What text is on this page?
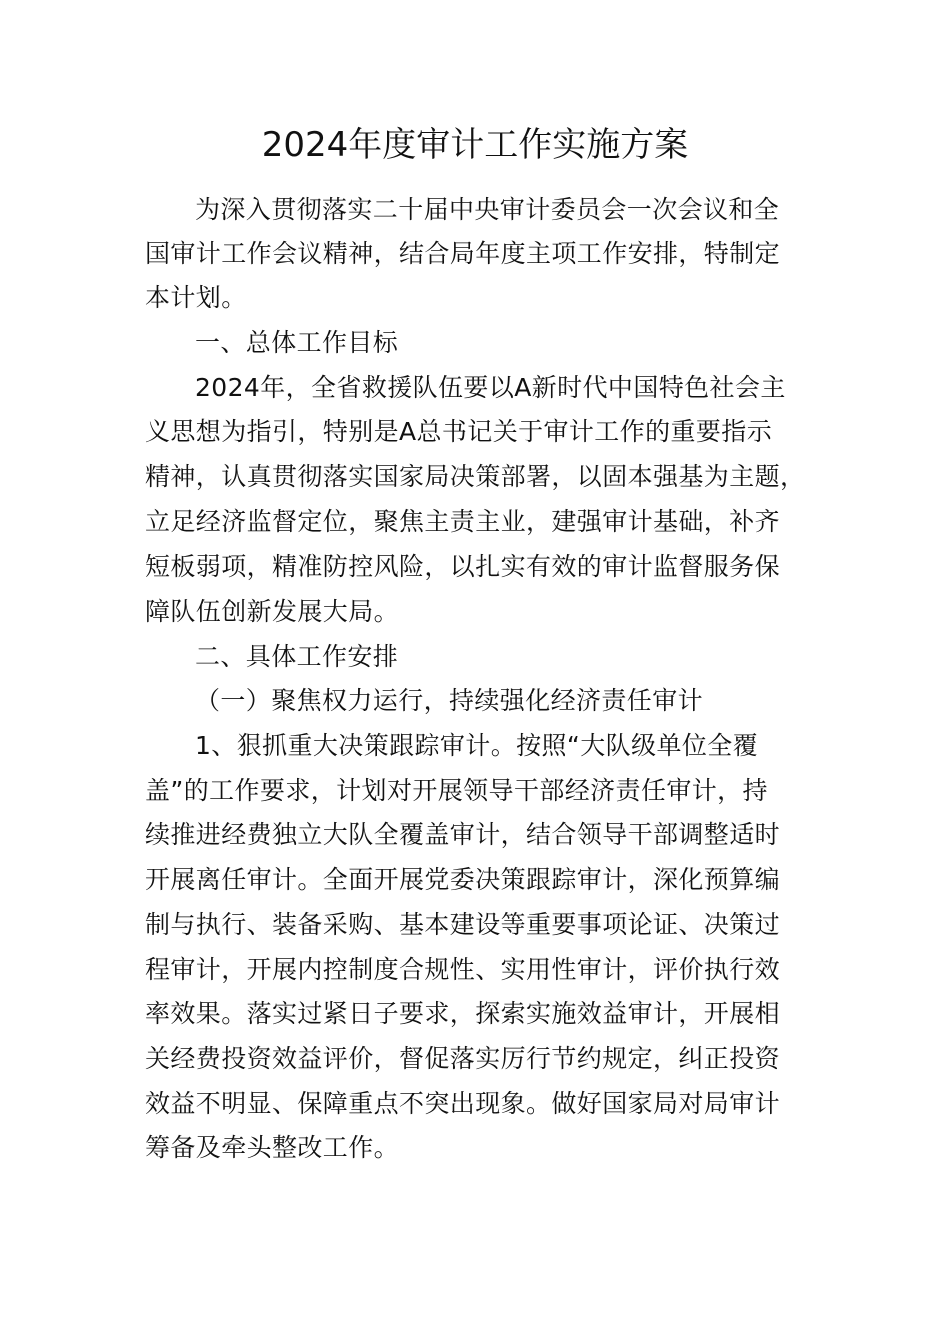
2024年度审计工作实施方案
为深入贯彻落实二十届中央审计委员会一次会议和全
国审计工作会议精神，结合局年度主项工作安排，特制定
本计划。
一、总体工作目标
2024年，全省救援队伍要以A新时代中国特色社会主
义思想为指引，特别是A总书记关于审计工作的重要指示
精神，认真贯彻落实国家局决策部署，以固本强基为主题，
立足经济监督定位，聚焦主责主业，建强审计基础，补齐
短板弱项，精准防控风险，以扎实有效的审计监督服务保
障队伍创新发展大局。
二、具体工作安排
（一）聚焦权力运行，持续强化经济责任审计
1、狠抓重大决策跟踪审计。按照“大队级单位全覆
盖”的工作要求，计划对开展领导干部经济责任审计，持
续推进经费独立大队全覆盖审计，结合领导干部调整适时
开展离任审计。全面开展党委决策跟踪审计，深化预算编
制与执行、装备采购、基本建设等重要事项论证、决策过
程审计，开展内控制度合规性、实用性审计，评价执行效
率效果。落实过紧日子要求，探索实施效益审计，开展相
关经费投资效益评价，督促落实厉行节约规定，纠正投资
效益不明显、保障重点不突出现象。做好国家局对局审计
筹备及牵头整改工作。
